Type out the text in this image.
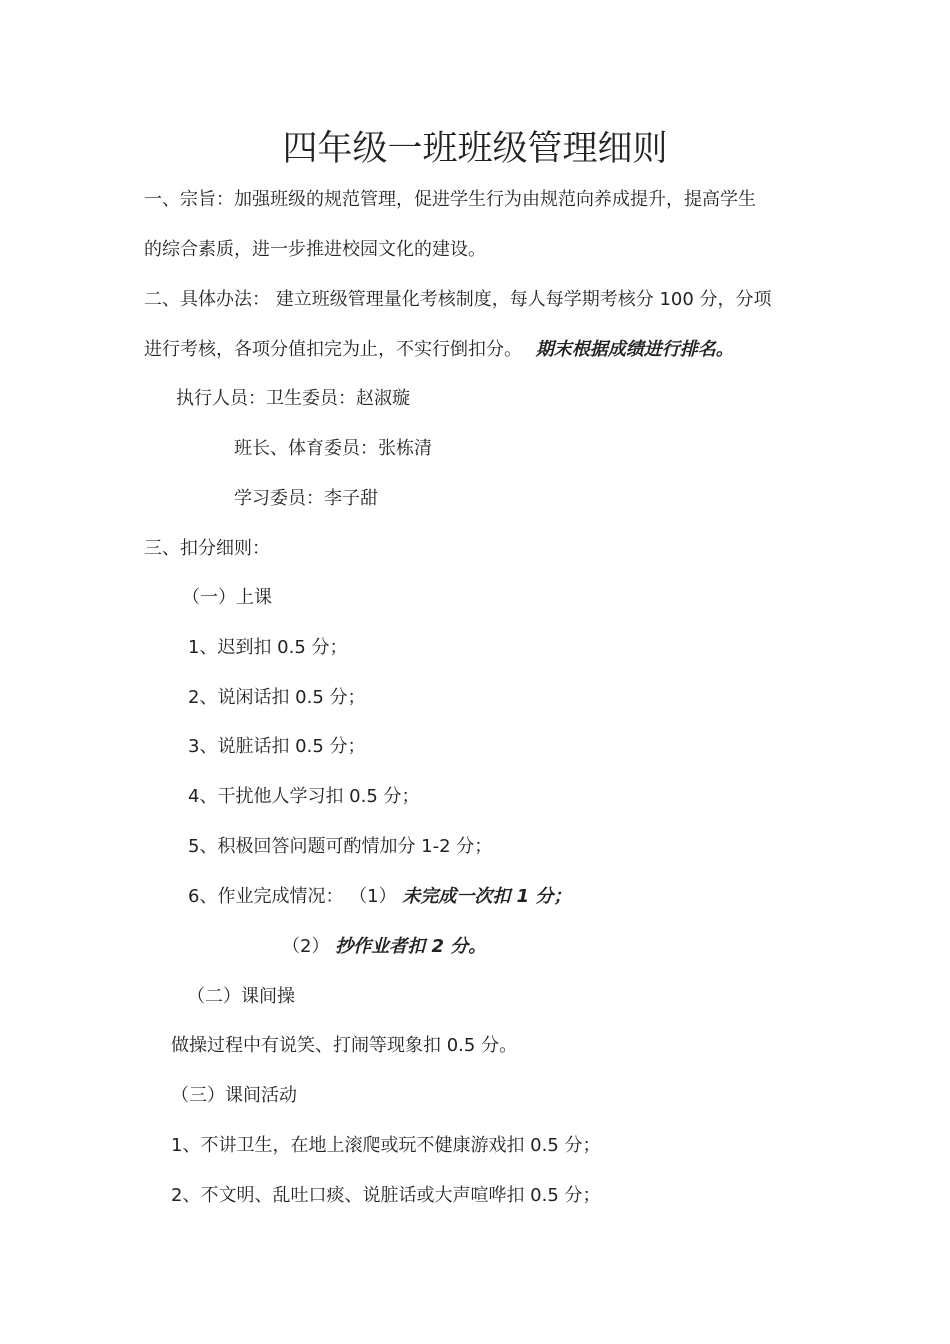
四年级一班班级管理细则
一、宗旨：加强班级的规范管理，促进学生行为由规范向养成提升，提高学生
的综合素质，进一步推进校园文化的建设。
二、具体办法： 建立班级管理量化考核制度，每人每学期考核分 100 分，分项
进行考核，各项分值扣完为止，不实行倒扣分。 期末根据成绩进行排名。
执行人员：卫生委员：赵淑璇
班长、体育委员：张栋清
学习委员：李子甜
三、扣分细则：
（一）上课
1、迟到扣 0.5 分；
2、说闲话扣 0.5 分；
3、说脏话扣 0.5 分；
4、干扰他人学习扣 0.5 分；
5、积极回答问题可酌情加分 1-2 分；
6、作业完成情况： （1） 未完成一次扣 1 分；
（2） 抄作业者扣 2 分。
（二）课间操
做操过程中有说笑、打闹等现象扣 0.5 分。
（三）课间活动
1、不讲卫生，在地上滚爬或玩不健康游戏扣 0.5 分；
2、不文明、乱吐口痰、说脏话或大声喧哗扣 0.5 分；
